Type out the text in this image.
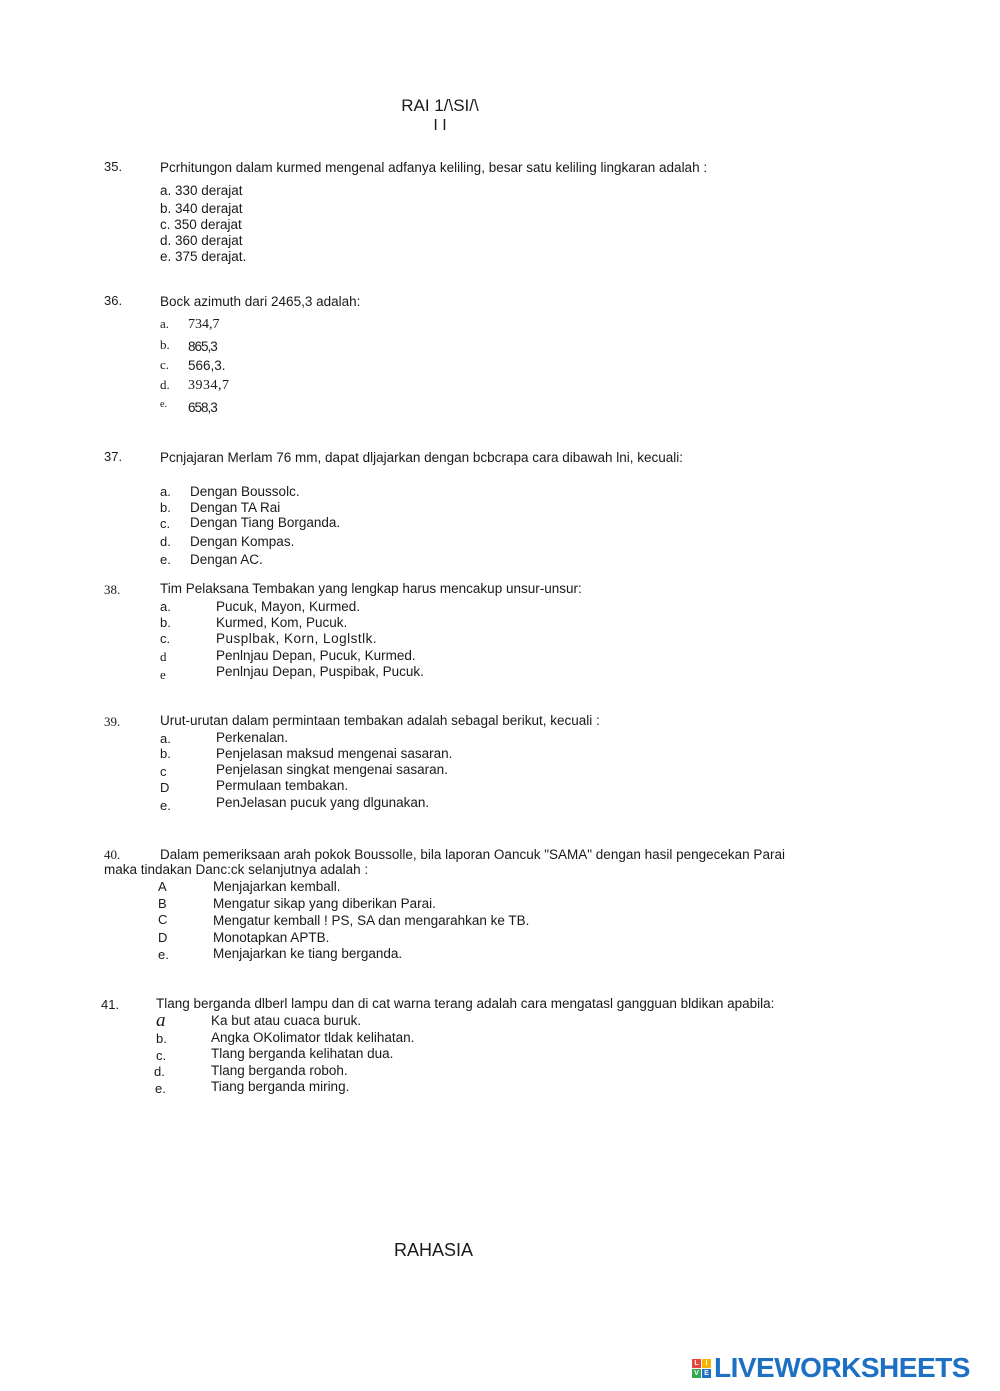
RAI 1/\SI/\
I I
35.	Pcrhitungon dalam kurmed mengenal adfanya keliling, besar satu keliling lingkaran adalah :
a. 330 derajat
b. 340 derajat
c. 350 derajat
d. 360 derajat
e. 375 derajat.
36.	Bock azimuth dari 2465,3 adalah:
a. 734,7
b. 865,3
c. 566,3.
d. 3934,7
e. 658,3
37.	Pcnjajaran Merlam 76 mm, dapat dljajarkan dengan bcbcrapa cara dibawah lni, kecuali:
a. Dengan Boussolc.
b. Dengan TA Rai
c. Dengan Tiang Borganda.
d. Dengan Kompas.
e. Dengan AC.
38.	Tim Pelaksana Tembakan yang lengkap harus mencakup unsur-unsur:
a.	Pucuk, Mayon, Kurmed.
b.	Kurmed, Kom, Pucuk.
c.	Pusplbak, Korn, Loglstlk.
d	Penlnjau Depan, Pucuk, Kurmed.
e	Penlnjau Depan, Puspibak, Pucuk.
39.	Urut-urutan dalam permintaan tembakan adalah sebagal berikut, kecuali :
a.	Perkenalan.
b.	Penjelasan maksud mengenai sasaran.
c	Penjelasan singkat mengenai sasaran.
D	Permulaan tembakan.
e.	PenJelasan pucuk yang dlgunakan.
40.	Dalam pemeriksaan arah pokok Boussolle, bila laporan Oancuk "SAMA" dengan hasil pengecekan Parai
maka tindakan Danc:ck selanjutnya adalah :
A	Menjajarkan kemball.
B	Mengatur sikap yang diberikan Parai.
C	Mengatur kemball ! PS, SA dan mengarahkan ke TB.
D	Monotapkan APTB.
e.	Menjajarkan ke tiang berganda.
41.	Tlang berganda dlberl lampu dan di cat warna terang adalah cara mengatasl gangguan bldikan apabila:
a	Ka but atau cuaca buruk.
b.	Angka OKolimator tldak kelihatan.
c.	Tlang berganda kelihatan dua.
d.	Tlang berganda roboh.
e.	Tiang berganda miring.
RAHASIA
L I
V E LIVEWORKSHEETS
